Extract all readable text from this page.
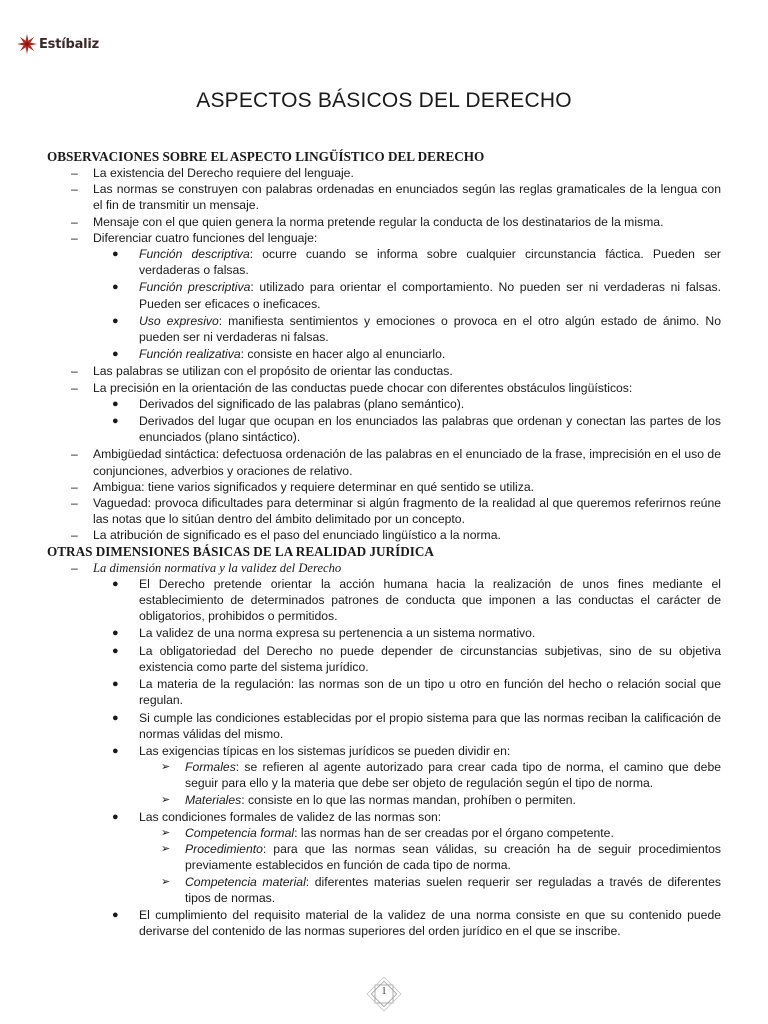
Estíbaliz
ASPECTOS BÁSICOS DEL DERECHO
OBSERVACIONES SOBRE EL ASPECTO LINGÜÍSTICO DEL DERECHO
– La existencia del Derecho requiere del lenguaje.
– Las normas se construyen con palabras ordenadas en enunciados según las reglas gramaticales de la lengua con el fin de transmitir un mensaje.
– Mensaje con el que quien genera la norma pretende regular la conducta de los destinatarios de la misma.
– Diferenciar cuatro funciones del lenguaje:
● Función descriptiva: ocurre cuando se informa sobre cualquier circunstancia fáctica. Pueden ser verdaderas o falsas.
● Función prescriptiva: utilizado para orientar el comportamiento. No pueden ser ni verdaderas ni falsas. Pueden ser eficaces o ineficaces.
● Uso expresivo: manifiesta sentimientos y emociones o provoca en el otro algún estado de ánimo. No pueden ser ni verdaderas ni falsas.
● Función realizativa: consiste en hacer algo al enunciarlo.
– Las palabras se utilizan con el propósito de orientar las conductas.
– La precisión en la orientación de las conductas puede chocar con diferentes obstáculos lingüísticos:
● Derivados del significado de las palabras (plano semántico).
● Derivados del lugar que ocupan en los enunciados las palabras que ordenan y conectan las partes de los enunciados (plano sintáctico).
– Ambigüedad sintáctica: defectuosa ordenación de las palabras en el enunciado de la frase, imprecisión en el uso de conjunciones, adverbios y oraciones de relativo.
– Ambigua: tiene varios significados y requiere determinar en qué sentido se utiliza.
– Vaguedad: provoca dificultades para determinar si algún fragmento de la realidad al que queremos referirnos reúne las notas que lo sitúan dentro del ámbito delimitado por un concepto.
– La atribución de significado es el paso del enunciado lingüístico a la norma.
OTRAS DIMENSIONES BÁSICAS DE LA REALIDAD JURÍDICA
– La dimensión normativa y la validez del Derecho
● El Derecho pretende orientar la acción humana hacia la realización de unos fines mediante el establecimiento de determinados patrones de conducta que imponen a las conductas el carácter de obligatorios, prohibidos o permitidos.
● La validez de una norma expresa su pertenencia a un sistema normativo.
● La obligatoriedad del Derecho no puede depender de circunstancias subjetivas, sino de su objetiva existencia como parte del sistema jurídico.
● La materia de la regulación: las normas son de un tipo u otro en función del hecho o relación social que regulan.
● Si cumple las condiciones establecidas por el propio sistema para que las normas reciban la calificación de normas válidas del mismo.
● Las exigencias típicas en los sistemas jurídicos se pueden dividir en:
➢ Formales: se refieren al agente autorizado para crear cada tipo de norma, el camino que debe seguir para ello y la materia que debe ser objeto de regulación según el tipo de norma.
➢ Materiales: consiste en lo que las normas mandan, prohíben o permiten.
● Las condiciones formales de validez de las normas son:
➢ Competencia formal: las normas han de ser creadas por el órgano competente.
➢ Procedimiento: para que las normas sean válidas, su creación ha de seguir procedimientos previamente establecidos en función de cada tipo de norma.
➢ Competencia material: diferentes materias suelen requerir ser reguladas a través de diferentes tipos de normas.
● El cumplimiento del requisito material de la validez de una norma consiste en que su contenido puede derivarse del contenido de las normas superiores del orden jurídico en el que se inscribe.
1
